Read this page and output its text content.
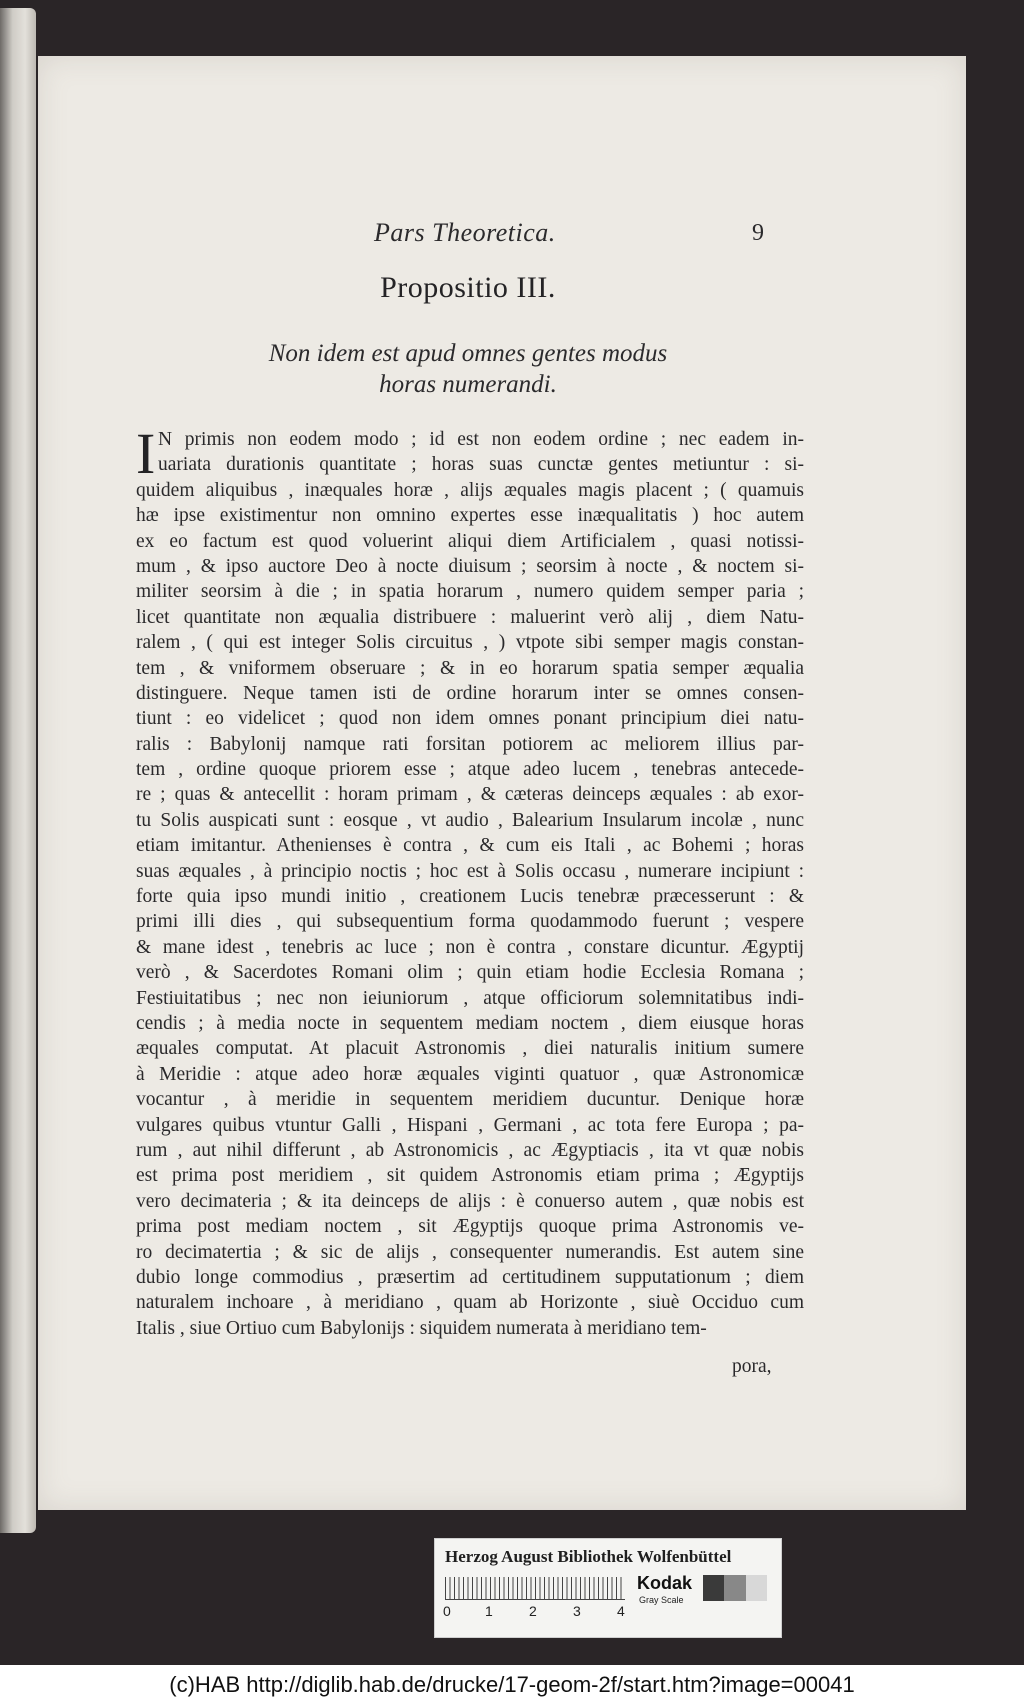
Pars Theoretica.	9
Propositio III.
Non idem est apud omnes gentes modus
horas numerandi.
I N primis non eodem modo ; id est non eodem ordine ; nec eadem in-
uariata durationis quantitate ; horas suas cunctæ gentes metiuntur : si-
quidem aliquibus , inæquales horæ , alijs æquales magis placent ; ( quamuis
hæ ipse existimentur non omnino expertes esse inæqualitatis ) hoc autem
ex eo factum est quod voluerint aliqui diem Artificialem , quasi notissi-
mum , & ipso auctore Deo à nocte diuisum ; seorsim à nocte , & noctem si-
militer seorsim à die ; in spatia horarum , numero quidem semper paria ;
licet quantitate non æqualia distribuere : maluerint verò alij , diem Natu-
ralem , ( qui est integer Solis circuitus , ) vtpote sibi semper magis constan-
tem , & vniformem obseruare ; & in eo horarum spatia semper æqualia
distinguere. Neque tamen isti de ordine horarum inter se omnes consen-
tiunt : eo videlicet ; quod non idem omnes ponant principium diei natu-
ralis : Babylonij namque rati forsitan potiorem ac meliorem illius par-
tem , ordine quoque priorem esse ; atque adeo lucem , tenebras antecede-
re ; quas & antecellit : horam primam , & cæteras deinceps æquales : ab exor-
tu Solis auspicati sunt : eosque , vt audio , Balearium Insularum incolæ , nunc
etiam imitantur. Athenienses è contra , & cum eis Itali , ac Bohemi ; horas
suas æquales , à principio noctis ; hoc est à Solis occasu , numerare incipiunt :
forte quia ipso mundi initio , creationem Lucis tenebræ præcesserunt : &
primi illi dies , qui subsequentium forma quodammodo fuerunt ; vespere
& mane idest , tenebris ac luce ; non è contra , constare dicuntur. Ægyptij
verò , & Sacerdotes Romani olim ; quin etiam hodie Ecclesia Romana ;
Festiuitatibus ; nec non ieiuniorum , atque officiorum solemnitatibus indi-
cendis ; à media nocte in sequentem mediam noctem , diem eiusque horas
æquales computat. At placuit Astronomis , diei naturalis initium sumere
à Meridie : atque adeo horæ æquales viginti quatuor , quæ Astronomicæ
vocantur , à meridie in sequentem meridiem ducuntur. Denique horæ
vulgares quibus vtuntur Galli , Hispani , Germani , ac tota fere Europa ; pa-
rum , aut nihil differunt , ab Astronomicis , ac Ægyptiacis , ita vt quæ nobis
est prima post meridiem , sit quidem Astronomis etiam prima ; Ægyptijs
vero decimateria ; & ita deinceps de alijs : è conuerso autem , quæ nobis est
prima post mediam noctem , sit Ægyptijs quoque prima Astronomis ve-
ro decimatertia ; & sic de alijs , consequenter numerandis. Est autem sine
dubio longe commodius , præsertim ad certitudinem supputationum ; diem
naturalem inchoare , à meridiano , quam ab Horizonte , siuè Occiduo cum
Italis , siue Ortiuo cum Babylonijs : siquidem numerata à meridiano tem-
pora,
Herzog August Bibliothek Wolfenbüttel
0 1	2	3	4
Kodak
Gray Scale
(c)HAB http://diglib.hab.de/drucke/17-geom-2f/start.htm?image=00041
